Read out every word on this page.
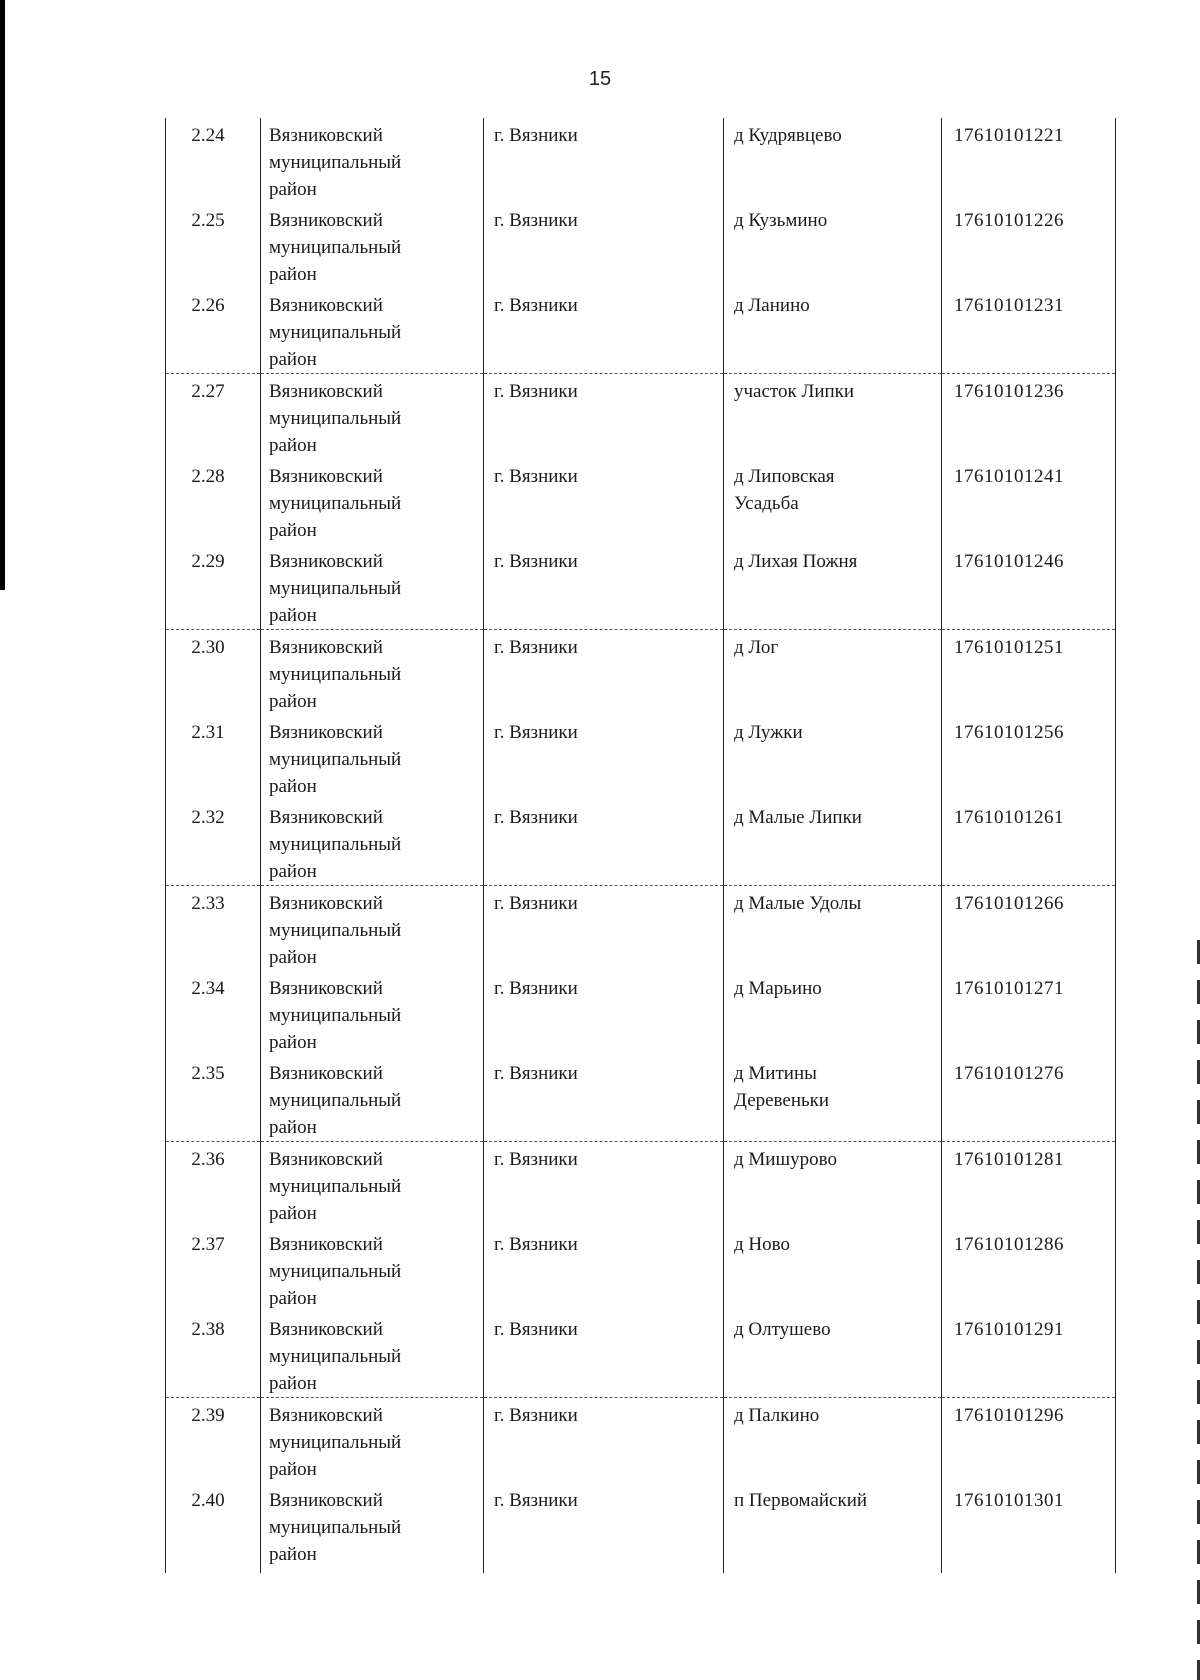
15
2.24	Вязниковский
муниципальный
район	г. Вязники	д Кудрявцево	17610101221
2.25	Вязниковский
муниципальный
район	г. Вязники	д Кузьмино	17610101226
2.26	Вязниковский
муниципальный
район	г. Вязники	д Ланино	17610101231
2.27	Вязниковский
муниципальный
район	г. Вязники	участок Липки	17610101236
2.28	Вязниковский
муниципальный
район	г. Вязники	д Липовская
Усадьба	17610101241
2.29	Вязниковский
муниципальный
район	г. Вязники	д Лихая Пожня	17610101246
2.30	Вязниковский
муниципальный
район	г. Вязники	д Лог	17610101251
2.31	Вязниковский
муниципальный
район	г. Вязники	д Лужки	17610101256
2.32	Вязниковский
муниципальный
район	г. Вязники	д Малые Липки	17610101261
2.33	Вязниковский
муниципальный
район	г. Вязники	д Малые Удолы	17610101266
2.34	Вязниковский
муниципальный
район	г. Вязники	д Марьино	17610101271
2.35	Вязниковский
муниципальный
район	г. Вязники	д Митины
Деревеньки	17610101276
2.36	Вязниковский
муниципальный
район	г. Вязники	д Мишурово	17610101281
2.37	Вязниковский
муниципальный
район	г. Вязники	д Ново	17610101286
2.38	Вязниковский
муниципальный
район	г. Вязники	д Олтушево	17610101291
2.39	Вязниковский
муниципальный
район	г. Вязники	д Палкино	17610101296
2.40	Вязниковский
муниципальный
район	г. Вязники	п Первомайский	17610101301
